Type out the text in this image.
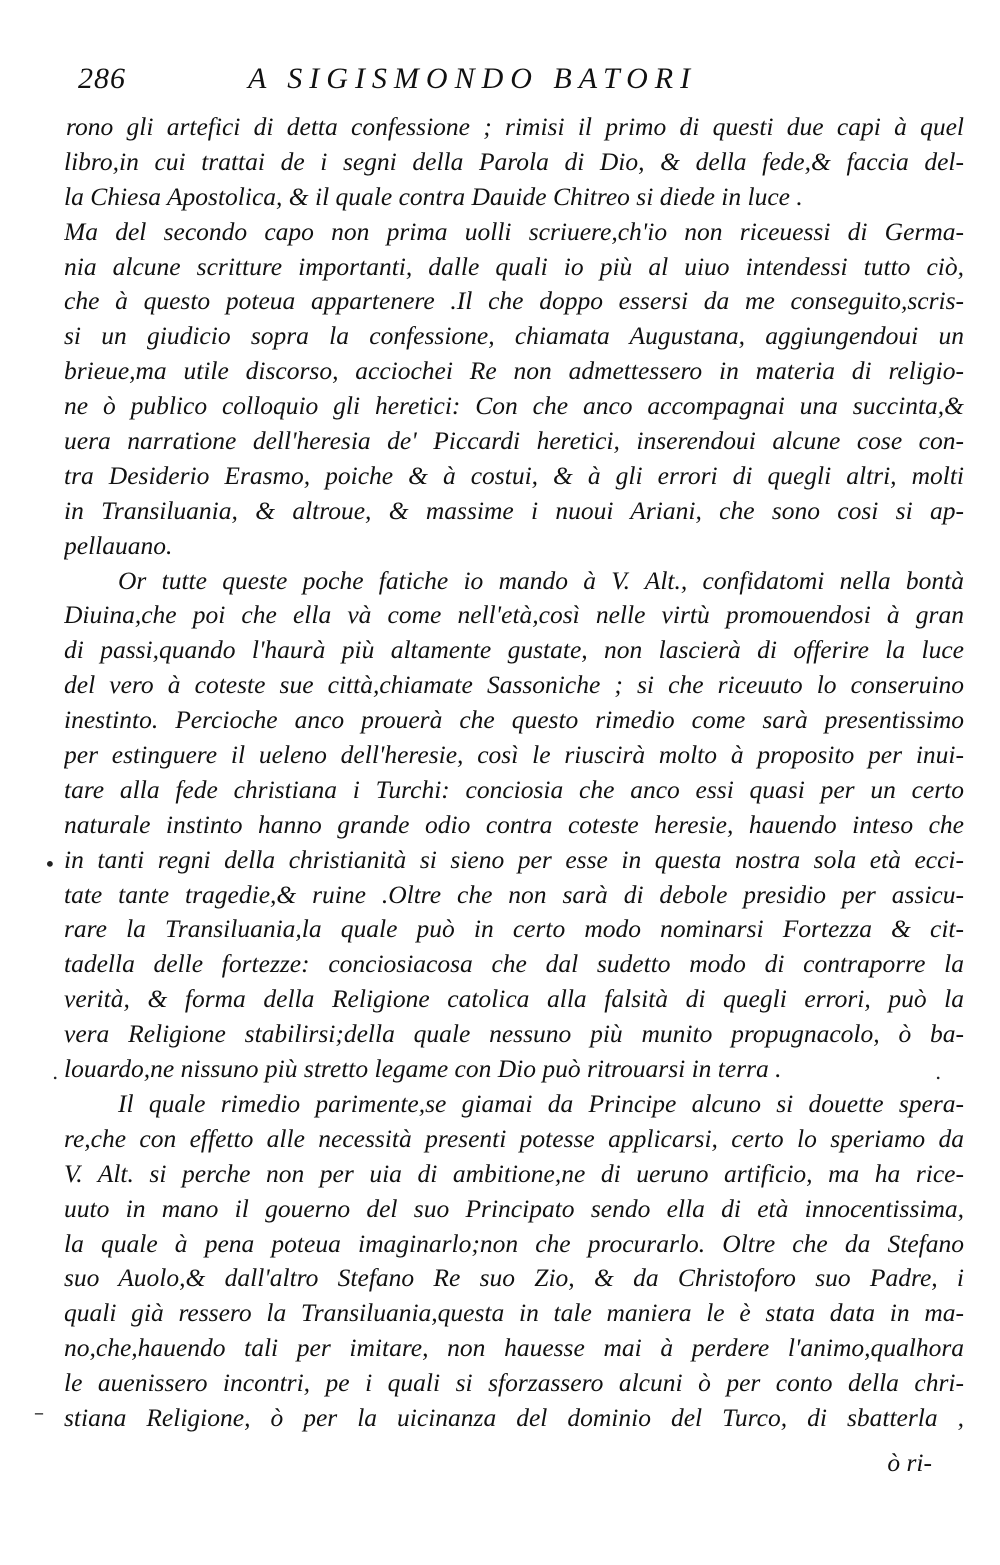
286	A SIGISMONDO BATORI
rono gli artefici di detta confessione ; rimisi il primo di questi due capi à quel
libro,in cui trattai de i segni della Parola di Dio, & della fede,& faccia del-
la Chiesa Apostolica, & il quale contra Dauide Chitreo si diede in luce .
Ma del secondo capo non prima uolli scriuere,ch'io non riceuessi di Germa-
nia alcune scritture importanti, dalle quali io più al uiuo intendessi tutto ciò,
che à questo poteua appartenere .Il che doppo essersi da me conseguito,scris-
si un giudicio sopra la confessione, chiamata Augustana, aggiungendoui un
brieue,ma utile discorso, acciochei Re non admettessero in materia di religio-
ne ò publico colloquio gli heretici: Con che anco accompagnai una succinta,&
uera narratione dell'heresia de' Piccardi heretici, inserendoui alcune cose con-
tra Desiderio Erasmo, poiche & à costui, & à gli errori di quegli altri, molti
in Transiluania, & altroue, & massime i nuoui Ariani, che sono cosi si ap-
pellauano.
Or tutte queste poche fatiche io mando à V. Alt., confidatomi nella bontà
Diuina,che poi che ella và come nell'età,così nelle virtù promouendosi à gran
di passi,quando l'haurà più altamente gustate, non lascierà di offerire la luce
del vero à coteste sue città,chiamate Sassoniche ; si che riceuuto lo conseruino
inestinto. Percioche anco prouerà che questo rimedio come sarà presentissimo
per estinguere il ueleno dell'heresie, così le riuscirà molto à proposito per inui-
tare alla fede christiana i Turchi: conciosia che anco essi quasi per un certo
naturale instinto hanno grande odio contra coteste heresie, hauendo inteso che
in tanti regni della christianità si sieno per esse in questa nostra sola età ecci-
tate tante tragedie,& ruine .Oltre che non sarà di debole presidio per assicu-
rare la Transiluania,la quale può in certo modo nominarsi Fortezza & cit-
tadella delle fortezze: conciosiacosa che dal sudetto modo di contraporre la
verità, & forma della Religione catolica alla falsità di quegli errori, può la
vera Religione stabilirsi;della quale nessuno più munito propugnacolo, ò ba-
louardo,ne nissuno più stretto legame con Dio può ritrouarsi in terra .
Il quale rimedio parimente,se giamai da Principe alcuno si douette spera-
re,che con effetto alle necessità presenti potesse applicarsi, certo lo speriamo da
V. Alt. si perche non per uia di ambitione,ne di ueruno artificio, ma ha rice-
uuto in mano il gouerno del suo Principato sendo ella di età innocentissima,
la quale à pena poteua imaginarlo;non che procurarlo. Oltre che da Stefano
suo Auolo,& dall'altro Stefano Re suo Zio, & da Christoforo suo Padre, i
quali già ressero la Transiluania,questa in tale maniera le è stata data in ma-
no,che,hauendo tali per imitare, non hauesse mai à perdere l'animo,qualhora
le auenissero incontri, pe i quali si sforzassero alcuni ò per conto della chri-
stiana Religione, ò per la uicinanza del dominio del Turco, di sbatterla ,
ò ri-
•
.	.
–
